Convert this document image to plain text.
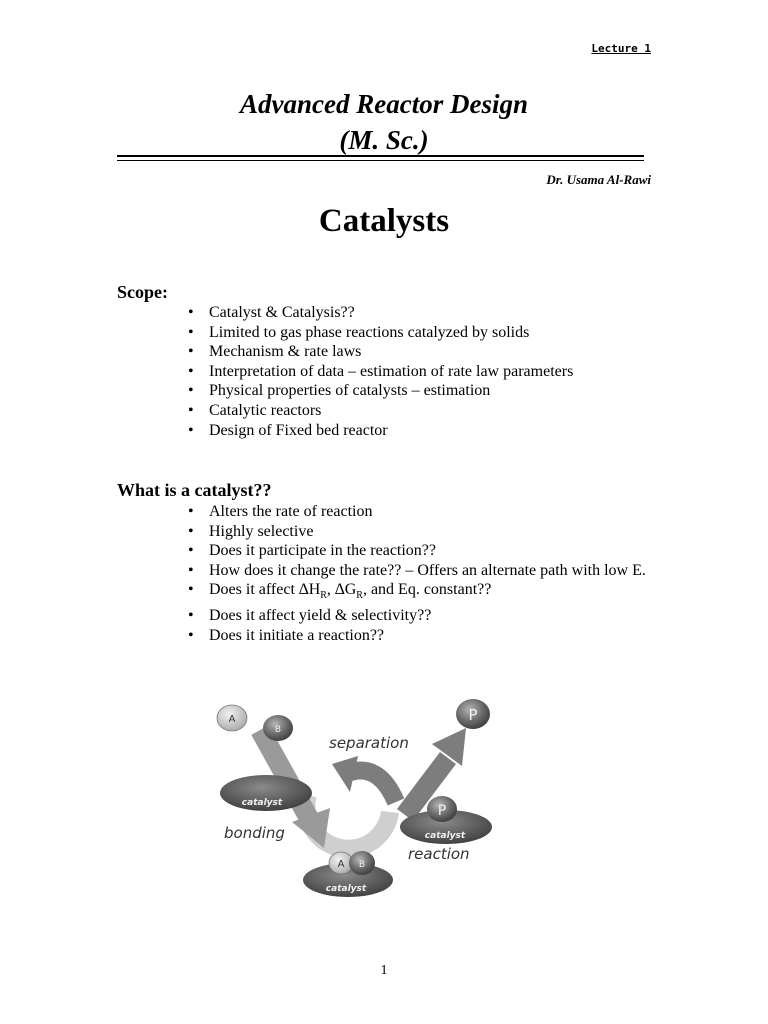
Lecture 1
Advanced Reactor Design
(M. Sc.)
Dr. Usama Al-Rawi
Catalysts
Scope:
• Catalyst & Catalysis??
• Limited to gas phase reactions catalyzed by solids
• Mechanism & rate laws
• Interpretation of data – estimation of rate law parameters
• Physical properties of catalysts – estimation
• Catalytic reactors
• Design of Fixed bed reactor
What is a catalyst??
• Alters the rate of reaction
• Highly selective
• Does it participate in the reaction??
• How does it change the rate?? – Offers an alternate path with low E.
• Does it affect $\Delta H_R$, $\Delta G_R$, and Eq. constant??
• Does it affect yield & selectivity??
• Does it initiate a reaction??
A
B
P
catalyst
catalyst
P
catalyst
A B
separation
bonding
reaction
1
